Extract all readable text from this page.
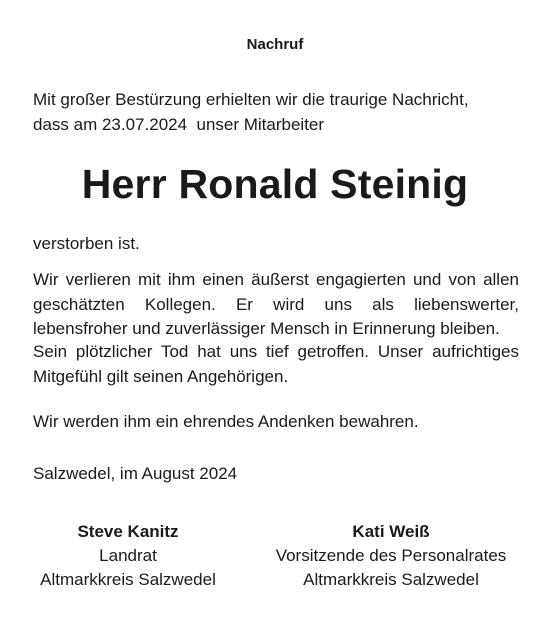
Nachruf
Mit großer Bestürzung erhielten wir die traurige Nachricht,
dass am 23.07.2024  unser Mitarbeiter
Herr Ronald Steinig
verstorben ist.
Wir verlieren mit ihm einen äußerst engagierten und von allen geschätzten Kollegen. Er wird uns als liebenswerter, lebensfroher und zuverlässiger Mensch in Erinnerung bleiben.
Sein plötzlicher Tod hat uns tief getroffen. Unser aufrichtiges Mitgefühl gilt seinen Angehörigen.
Wir werden ihm ein ehrendes Andenken bewahren.
Salzwedel, im August 2024
Steve Kanitz
Landrat
Altmarkkreis Salzwedel
Kati Weiß
Vorsitzende des Personalrates
Altmarkkreis Salzwedel
